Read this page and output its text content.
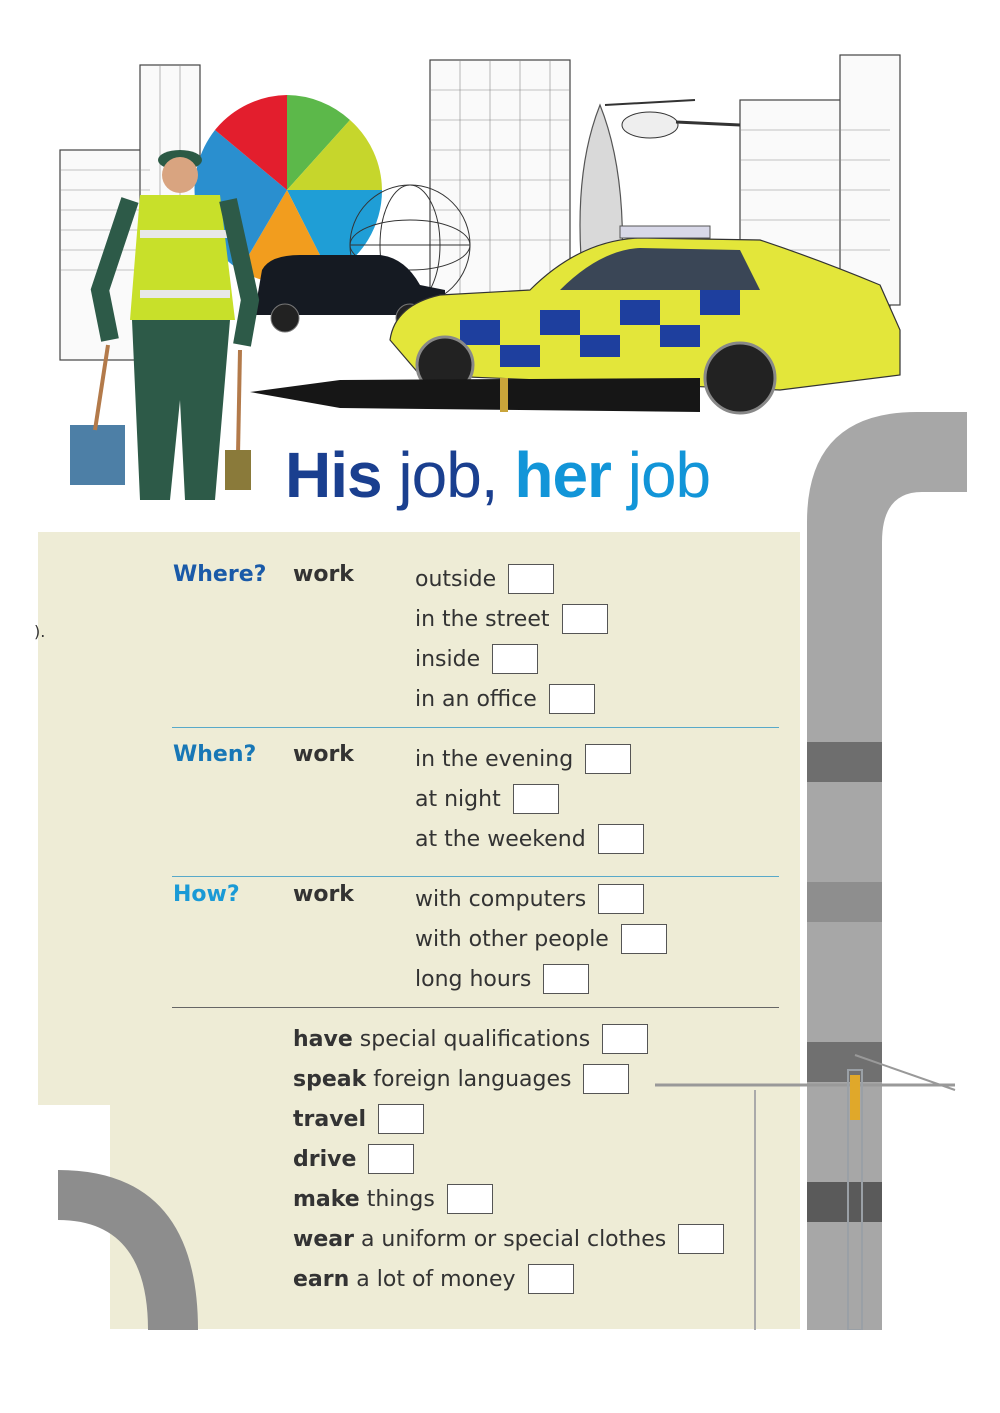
His job, her job
).
Where? work	outside
in the street
inside
in an office
When? work	in the evening
at night
at the weekend
How? work	with computers
with other people
long hours
have
special qualifications
speak
foreign languages
travel
drive
make
things
wear
a uniform or special clothes
earn
a lot of money
